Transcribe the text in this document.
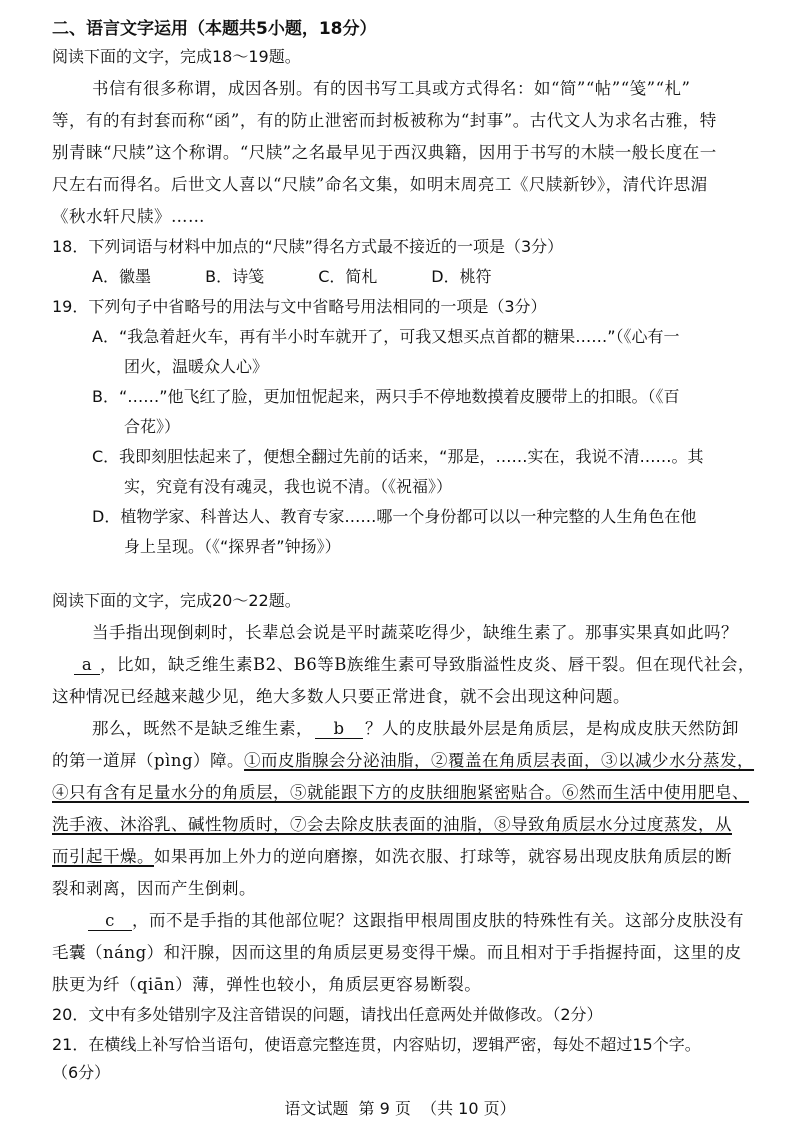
二、语言文字运用（本题共5小题，18分）
阅读下面的文字，完成18～19题。
书信有很多称谓，成因各别。有的因书写工具或方式得名：如“简”“帖”“笺”“札”
等，有的有封套而称“函”，有的防止泄密而封板被称为“封事”。古代文人为求名古雅，特
别青睐“尺牍”这个称谓。“尺牍”之名最早见于西汉典籍，因用于书写的木牍一般长度在一
尺左右而得名。后世文人喜以“尺牍”命名文集，如明末周亮工《尺牍新钞》，清代许思湄
《秋水轩尺牍》……
18．下列词语与材料中加点的“尺牍”得名方式最不接近的一项是（3分）
A．徽墨	B．诗笺	C．简札	D．桃符
19．下列句子中省略号的用法与文中省略号用法相同的一项是（3分）
A．“我急着赶火车，再有半小时车就开了，可我又想买点首都的糖果……”（《心有一
团火，温暖众人心》
B．“……”他飞红了脸，更加忸怩起来，两只手不停地数摸着皮腰带上的扣眼。（《百
合花》）
C．我即刻胆怯起来了，便想全翻过先前的话来，“那是，……实在，我说不清……。其
实，究竟有没有魂灵，我也说不清。（《祝福》）
D．植物学家、科普达人、教育专家……哪一个身份都可以以一种完整的人生角色在他
身上呈现。（《“探界者”钟扬》）
阅读下面的文字，完成20～22题。
当手指出现倒刺时，长辈总会说是平时蔬菜吃得少，缺维生素了。那事实果真如此吗？
a ，比如，缺乏维生素B2、B6等B族维生素可导致脂溢性皮炎、唇干裂。但在现代社会，
这种情况已经越来越少见，绝大多数人只要正常进食，就不会出现这种问题。
那么，既然不是缺乏维生素， b ？人的皮肤最外层是角质层，是构成皮肤天然防卸
的第一道屏（pìng）障。①而皮脂腺会分泌油脂，②覆盖在角质层表面，③以减少水分蒸发，
④只有含有足量水分的角质层，⑤就能跟下方的皮肤细胞紧密贴合。⑥然而生活中使用肥皂、
洗手液、沐浴乳、碱性物质时，⑦会去除皮肤表面的油脂，⑧导致角质层水分过度蒸发，从
而引起干燥。如果再加上外力的逆向磨擦，如洗衣服、打球等，就容易出现皮肤角质层的断
裂和剥离，因而产生倒刺。
c ，而不是手指的其他部位呢？这跟指甲根周围皮肤的特殊性有关。这部分皮肤没有
毛囊（náng）和汗腺，因而这里的角质层更易变得干燥。而且相对于手指握持面，这里的皮
肤更为纤（qiān）薄，弹性也较小，角质层更容易断裂。
20．文中有多处错别字及注音错误的问题，请找出任意两处并做修改。（2分）
21．在横线上补写恰当语句，使语意完整连贯，内容贴切，逻辑严密，每处不超过15个字。
（6分）
语文试题  第 9 页  （共 10 页）
